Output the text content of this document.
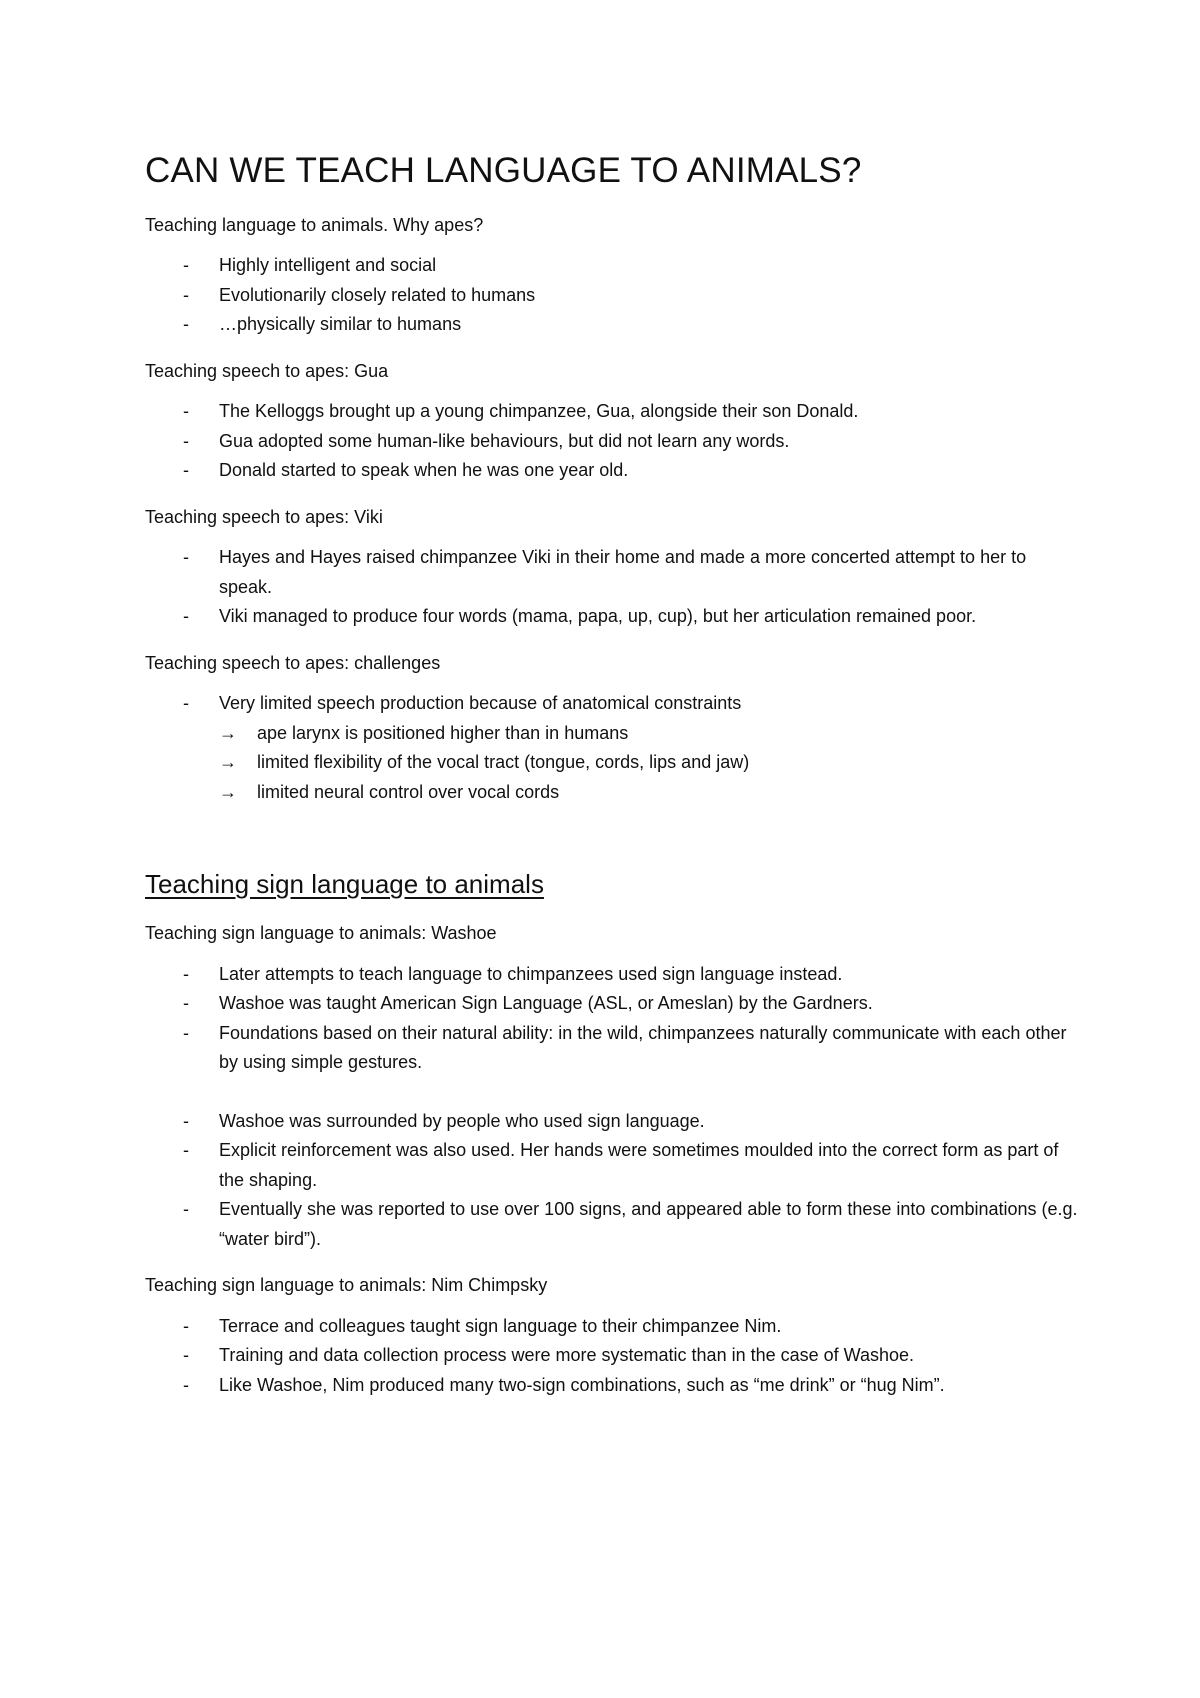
CAN WE TEACH LANGUAGE TO ANIMALS?
Teaching language to animals. Why apes?
- Highly intelligent and social
- Evolutionarily closely related to humans
- …physically similar to humans
Teaching speech to apes: Gua
- The Kelloggs brought up a young chimpanzee, Gua, alongside their son Donald.
- Gua adopted some human-like behaviours, but did not learn any words.
- Donald started to speak when he was one year old.
Teaching speech to apes: Viki
- Hayes and Hayes raised chimpanzee Viki in their home and made a more concerted attempt to her to speak.
- Viki managed to produce four words (mama, papa, up, cup), but her articulation remained poor.
Teaching speech to apes: challenges
- Very limited speech production because of anatomical constraints
→ ape larynx is positioned higher than in humans
→ limited flexibility of the vocal tract (tongue, cords, lips and jaw)
→ limited neural control over vocal cords
Teaching sign language to animals
Teaching sign language to animals: Washoe
- Later attempts to teach language to chimpanzees used sign language instead.
- Washoe was taught American Sign Language (ASL, or Ameslan) by the Gardners.
- Foundations based on their natural ability: in the wild, chimpanzees naturally communicate with each other by using simple gestures.
- Washoe was surrounded by people who used sign language.
- Explicit reinforcement was also used. Her hands were sometimes moulded into the correct form as part of the shaping.
- Eventually she was reported to use over 100 signs, and appeared able to form these into combinations (e.g. “water bird”).
Teaching sign language to animals: Nim Chimpsky
- Terrace and colleagues taught sign language to their chimpanzee Nim.
- Training and data collection process were more systematic than in the case of Washoe.
- Like Washoe, Nim produced many two-sign combinations, such as “me drink” or “hug Nim”.
